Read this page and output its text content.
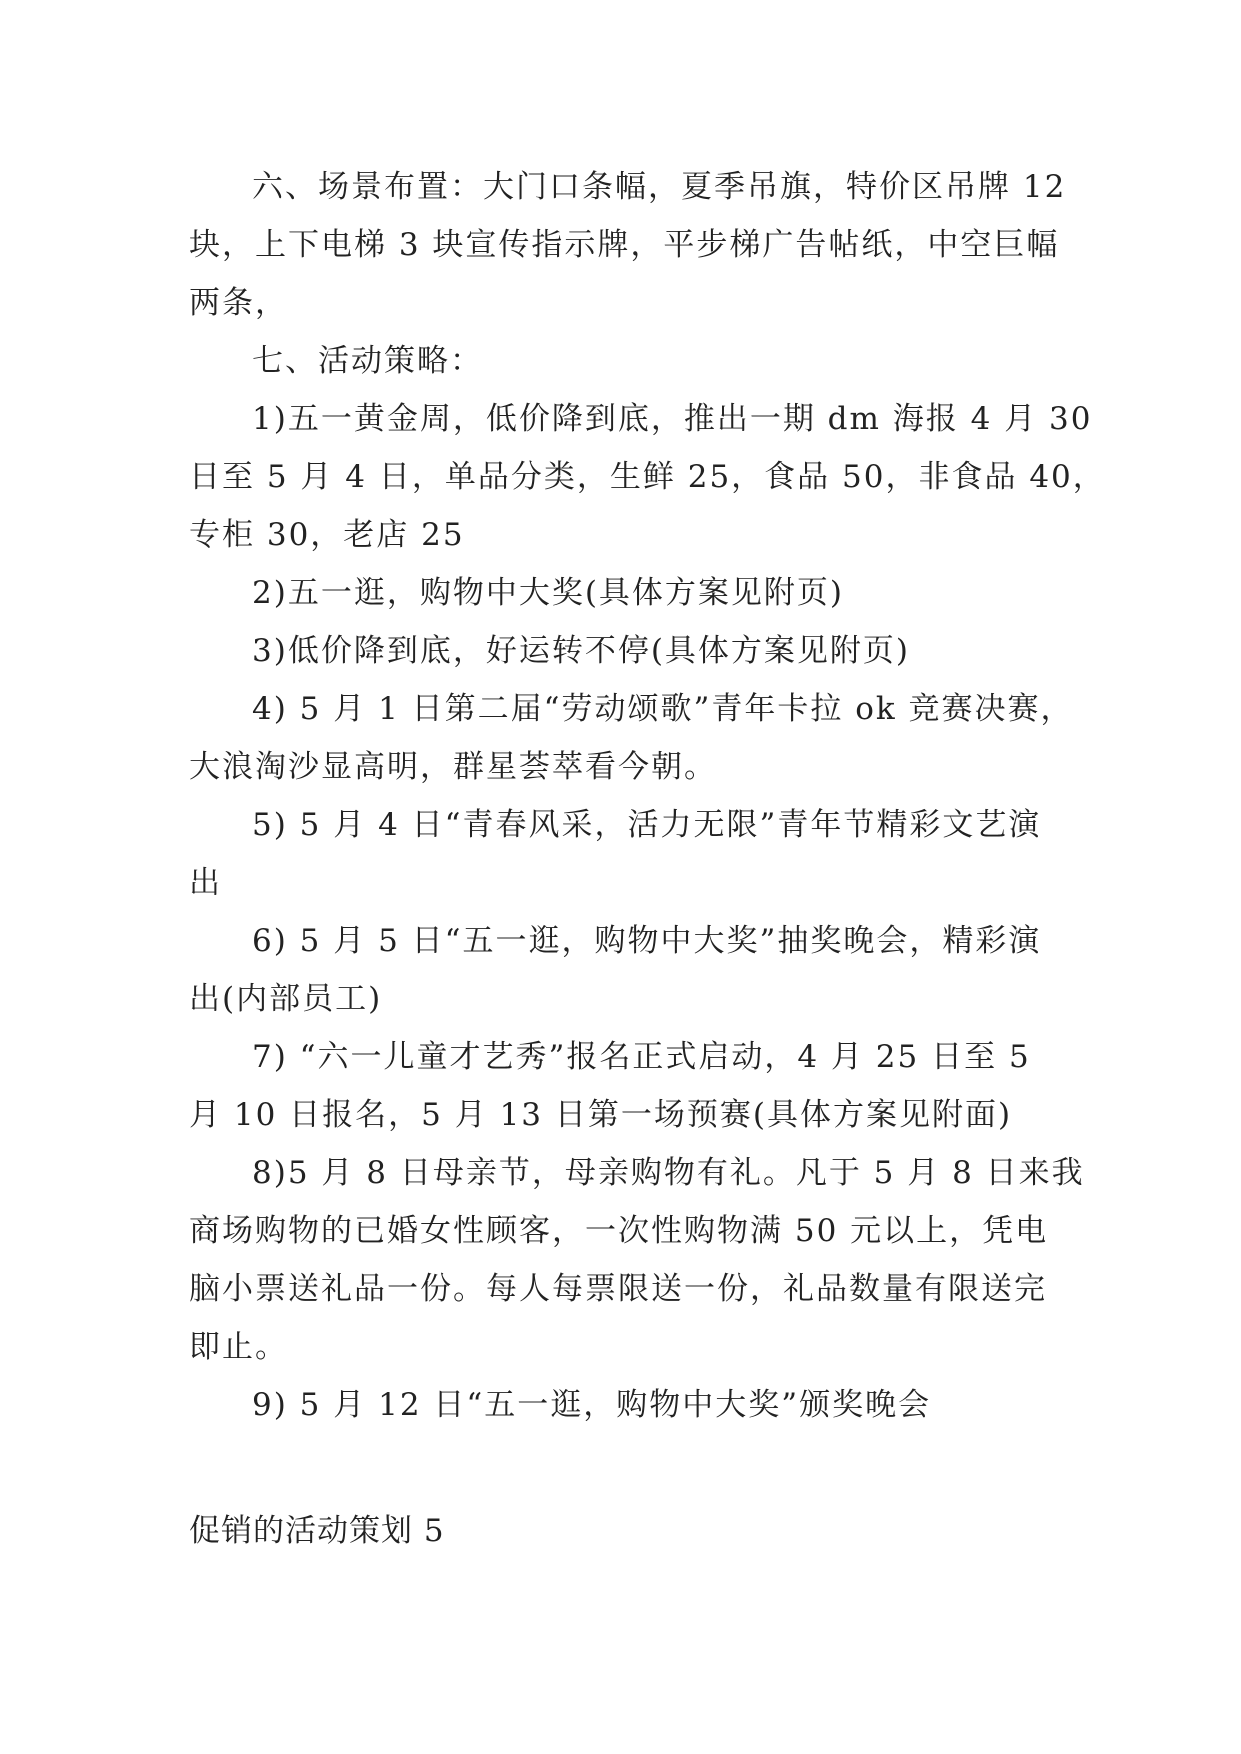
六、场景布置：大门口条幅，夏季吊旗，特价区吊牌 12
块，上下电梯 3 块宣传指示牌，平步梯广告帖纸，中空巨幅
两条，
七、活动策略：
1)五一黄金周，低价降到底，推出一期 dm 海报 4 月 30
日至 5 月 4 日，单品分类，生鲜 25，食品 50，非食品 40，
专柜 30，老店 25
2)五一逛，购物中大奖(具体方案见附页)
3)低价降到底，好运转不停(具体方案见附页)
4) 5 月 1 日第二届“劳动颂歌”青年卡拉 ok 竞赛决赛，
大浪淘沙显高明，群星荟萃看今朝。
5) 5 月 4 日“青春风采，活力无限”青年节精彩文艺演
出
6) 5 月 5 日“五一逛，购物中大奖”抽奖晚会，精彩演
出(内部员工)
7) “六一儿童才艺秀”报名正式启动，4 月 25 日至 5
月 10 日报名，5 月 13 日第一场预赛(具体方案见附面)
8)5 月 8 日母亲节，母亲购物有礼。凡于 5 月 8 日来我
商场购物的已婚女性顾客，一次性购物满 50 元以上，凭电
脑小票送礼品一份。每人每票限送一份，礼品数量有限送完
即止。
9) 5 月 12 日“五一逛，购物中大奖”颁奖晚会
促销的活动策划 5
